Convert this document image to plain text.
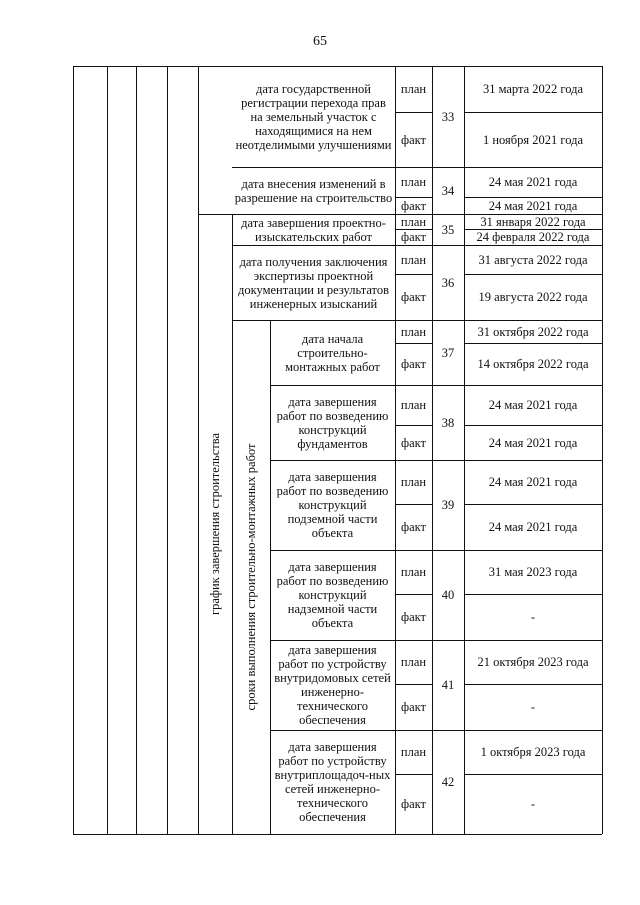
65
дата государственной регистрации перехода прав на земельный участок с находящимися на нем неотделимыми улучшениями
план
факт
33
31 марта 2022 года
1 ноября 2021 года
дата внесения изменений в разрешение на строительство
план
факт
34
24 мая 2021 года
24 мая 2021 года
дата завершения проектно-изыскательских работ
план
факт
35
31 января 2022 года
24 февраля 2022 года
дата получения заключения экспертизы проектной документации и результатов инженерных изысканий
план
факт
36
31 августа 2022 года
19 августа 2022 года
дата начала строительно-монтажных работ
план
факт
37
31 октября 2022 года
14 октября 2022 года
дата завершения работ по возведению конструкций фундаментов
план
факт
38
24 мая 2021 года
24 мая 2021 года
дата завершения работ по возведению конструкций подземной части объекта
план
факт
39
24 мая 2021 года
24 мая 2021 года
дата завершения работ по возведению конструкций надземной части объекта
план
факт
40
31 мая 2023 года
-
дата завершения работ по устройству внутридомовых сетей инженерно-технического обеспечения
план
факт
41
21 октября 2023 года
-
дата завершения работ по устройству внутриплощадоч-ных сетей инженерно-технического обеспечения
план
факт
42
1 октября 2023 года
-
график завершения строительства	сроки выполнения строительно-монтажных работ
